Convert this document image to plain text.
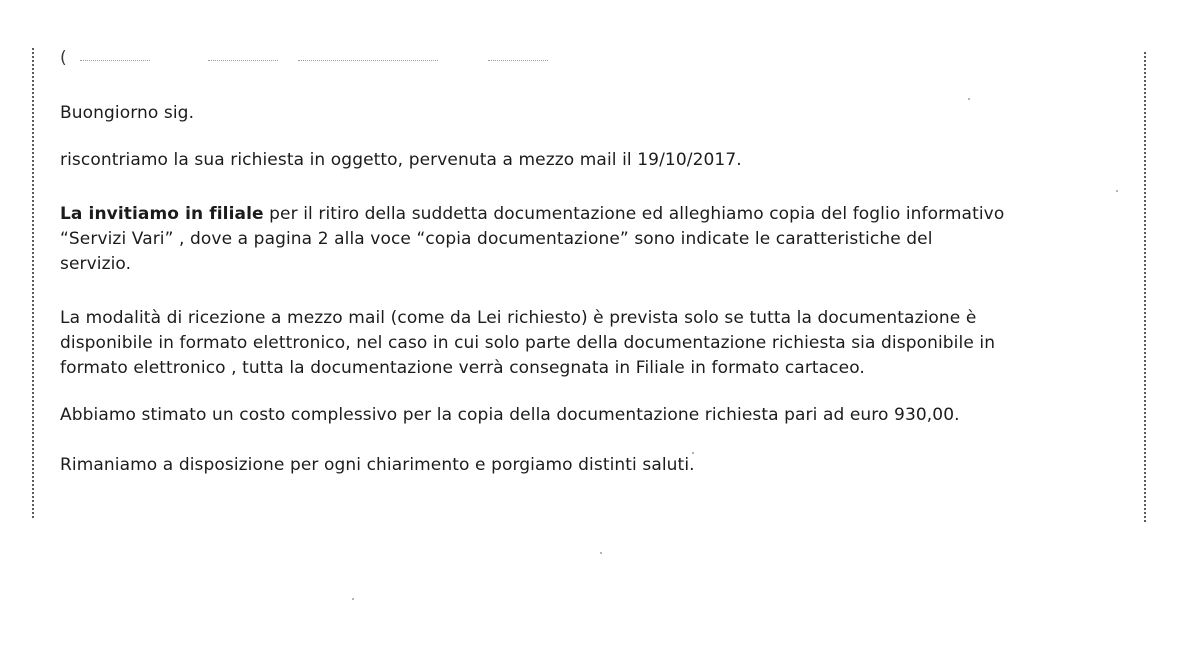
(
Buongiorno sig.
riscontriamo la sua richiesta in oggetto, pervenuta a mezzo mail il 19/10/2017.
La invitiamo in filiale per il ritiro della suddetta documentazione ed alleghiamo copia del foglio informativo
“Servizi Vari” , dove a pagina 2 alla voce “copia documentazione” sono indicate le caratteristiche del
servizio.
La modalità di ricezione a mezzo mail (come da Lei richiesto) è prevista solo se tutta la documentazione è
disponibile in formato elettronico, nel caso in cui solo parte della documentazione richiesta sia disponibile in
formato elettronico , tutta la documentazione verrà consegnata in Filiale in formato cartaceo.
Abbiamo stimato un costo complessivo per la copia della documentazione richiesta pari ad euro 930,00.
Rimaniamo a disposizione per ogni chiarimento e porgiamo distinti saluti.
